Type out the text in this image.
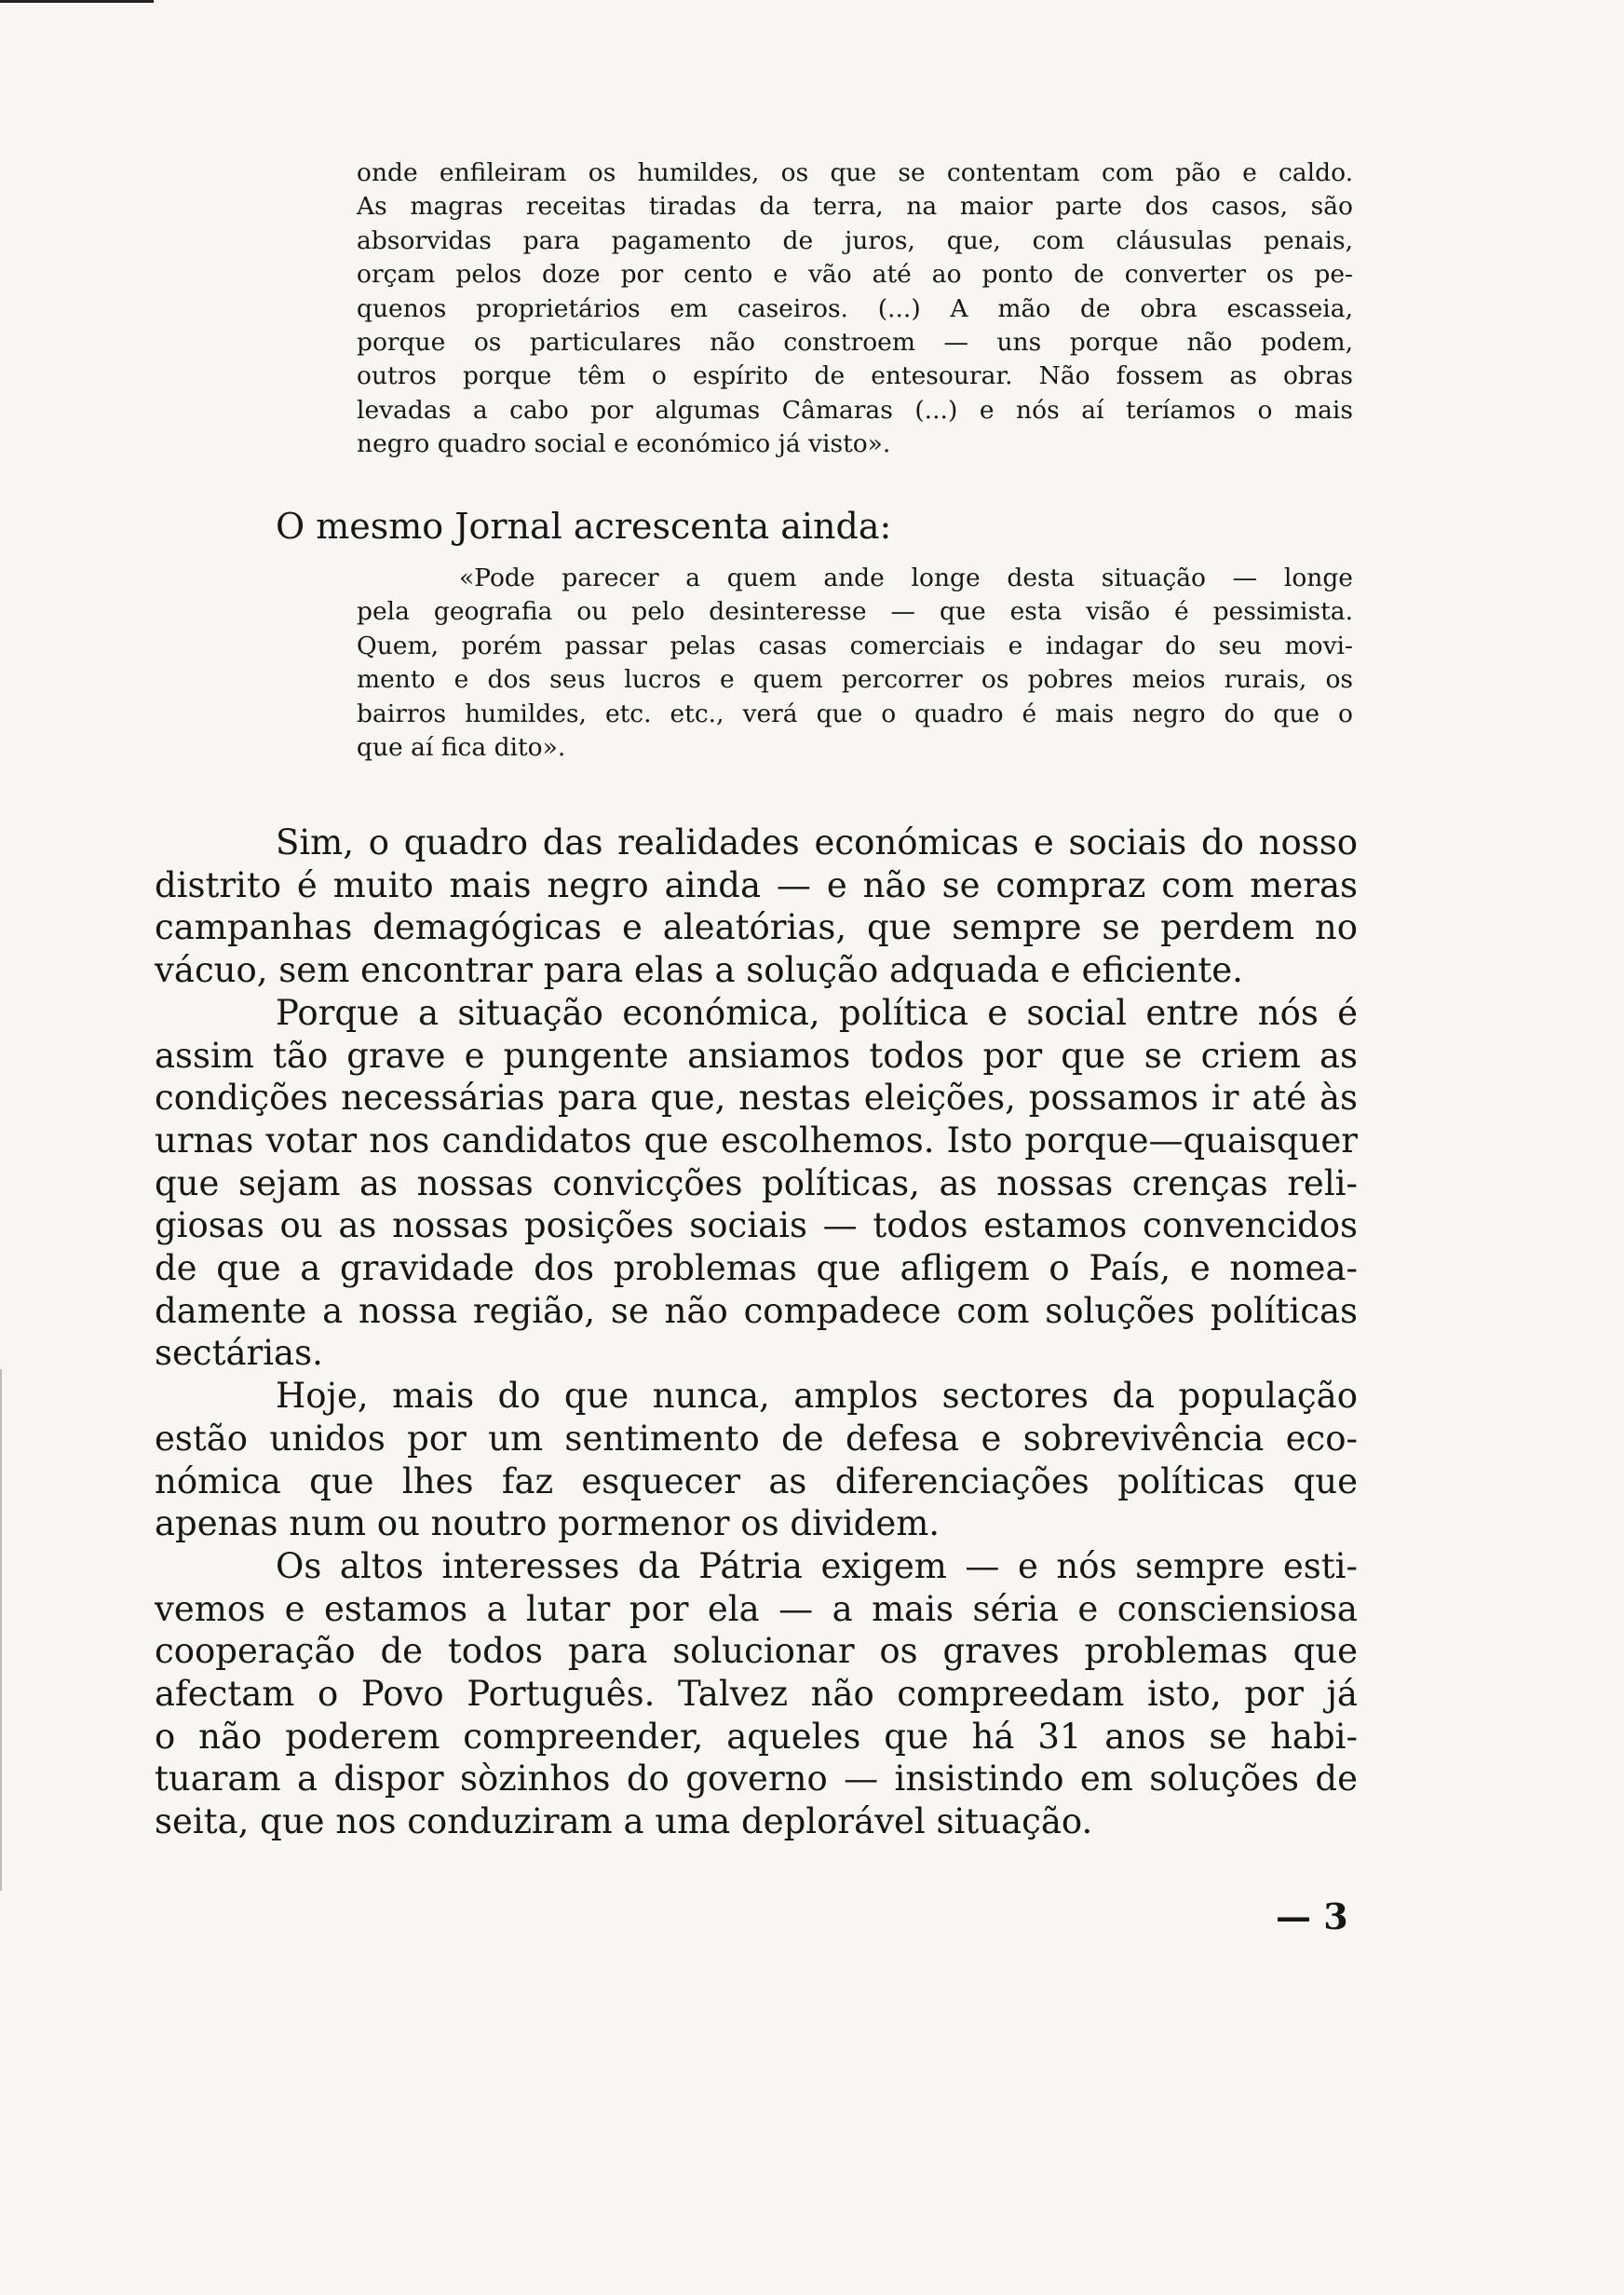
onde enfileiram os humildes, os que se contentam com pão e caldo.
As magras receitas tiradas da terra, na maior parte dos casos, são
absorvidas para pagamento de juros, que, com cláusulas penais,
orçam pelos doze por cento e vão até ao ponto de converter os pe-
quenos proprietários em caseiros. (...) A mão de obra escasseia,
porque os particulares não constroem — uns porque não podem,
outros porque têm o espírito de entesourar. Não fossem as obras
levadas a cabo por algumas Câmaras (...) e nós aí teríamos o mais
negro quadro social e económico já visto».
O mesmo Jornal acrescenta ainda:
«Pode parecer a quem ande longe desta situação — longe
pela geografia ou pelo desinteresse — que esta visão é pessimista.
Quem, porém passar pelas casas comerciais e indagar do seu movi-
mento e dos seus lucros e quem percorrer os pobres meios rurais, os
bairros humildes, etc. etc., verá que o quadro é mais negro do que o
que aí fica dito».
Sim, o quadro das realidades económicas e sociais do nosso
distrito é muito mais negro ainda — e não se compraz com meras
campanhas demagógicas e aleatórias, que sempre se perdem no
vácuo, sem encontrar para elas a solução adquada e eficiente.
Porque a situação económica, política e social entre nós é
assim tão grave e pungente ansiamos todos por que se criem as
condições necessárias para que, nestas eleições, possamos ir até às
urnas votar nos candidatos que escolhemos. Isto porque—quaisquer
que sejam as nossas convicções políticas, as nossas crenças reli-
giosas ou as nossas posições sociais — todos estamos convencidos
de que a gravidade dos problemas que afligem o País, e nomea-
damente a nossa região, se não compadece com soluções políticas
sectárias.
Hoje, mais do que nunca, amplos sectores da população
estão unidos por um sentimento de defesa e sobrevivência eco-
nómica que lhes faz esquecer as diferenciações políticas que
apenas num ou noutro pormenor os dividem.
Os altos interesses da Pátria exigem — e nós sempre esti-
vemos e estamos a lutar por ela — a mais séria e consciensiosa
cooperação de todos para solucionar os graves problemas que
afectam o Povo Português. Talvez não compreedam isto, por já
o não poderem compreender, aqueles que há 31 anos se habi-
tuaram a dispor sòzinhos do governo — insistindo em soluções de
seita, que nos conduziram a uma deplorável situação.
— 3
